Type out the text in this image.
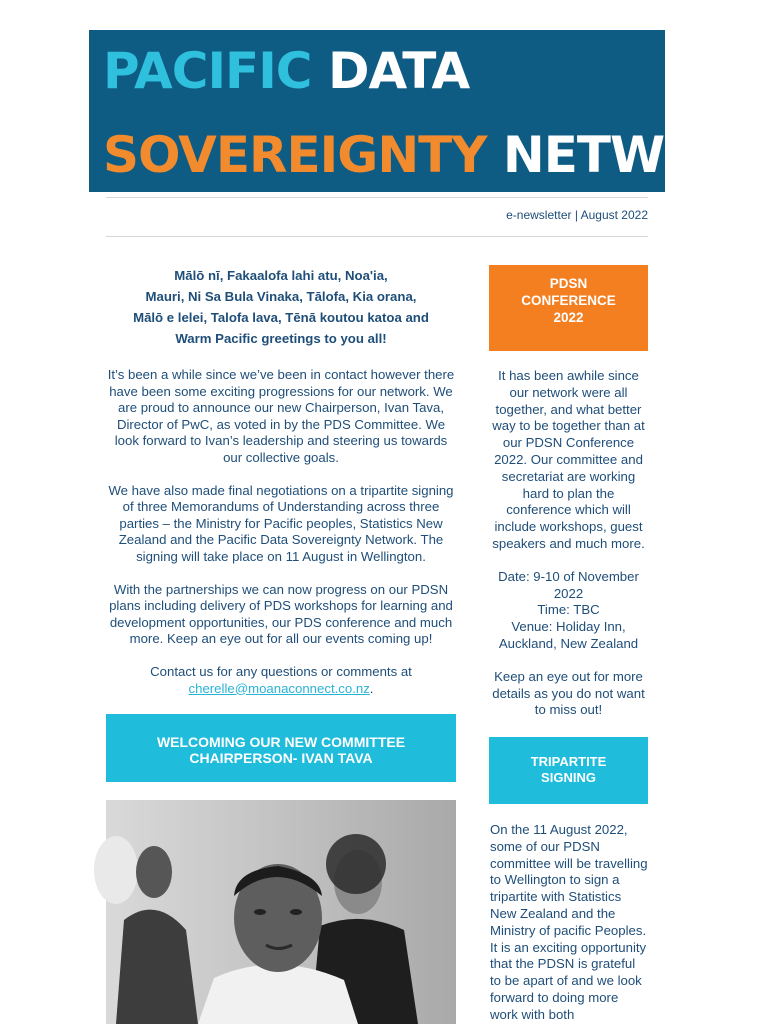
PACIFIC DATA
SOVEREIGNTY NETWORK
e-newsletter | August 2022
Mālō nī, Fakaalofa lahi atu, Noa'ia,
Mauri, Ni Sa Bula Vinaka, Tālofa, Kia orana,
Mālō e lelei, Talofa lava, Tēnā koutou katoa and
Warm Pacific greetings to you all!

It’s been a while since we’ve been in contact however there have been some exciting progressions for our network. We are proud to announce our new Chairperson, Ivan Tava, Director of PwC, as voted in by the PDS Committee. We look forward to Ivan’s leadership and steering us towards our collective goals.

We have also made final negotiations on a tripartite signing of three Memorandums of Understanding across three parties – the Ministry for Pacific peoples, Statistics New Zealand and the Pacific Data Sovereignty Network. The signing will take place on 11 August in Wellington.

With the partnerships we can now progress on our PDSN plans including delivery of PDS workshops for learning and development opportunities, our PDS conference and much more. Keep an eye out for all our events coming up!

Contact us for any questions or comments at
cherelle@moanaconnect.co.nz.

WELCOMING OUR NEW COMMITTEE CHAIRPERSON- IVAN TAVA
PDSN CONFERENCE 2022

It has been awhile since our network were all together, and what better way to be together than at our PDSN Conference 2022. Our committee and secretariat are working hard to plan the conference which will include workshops, guest speakers and much more.

Date: 9-10 of November 2022
Time: TBC
Venue: Holiday Inn, Auckland, New Zealand

Keep an eye out for more details as you do not want to miss out!

TRIPARTITE SIGNING
On the 11 August 2022, some of our PDSN committee will be travelling to Wellington to sign a tripartite with Statistics New Zealand and the Ministry of pacific Peoples. It is an exciting opportunity that the PDSN is grateful to be apart of and we look forward to doing more work with both
